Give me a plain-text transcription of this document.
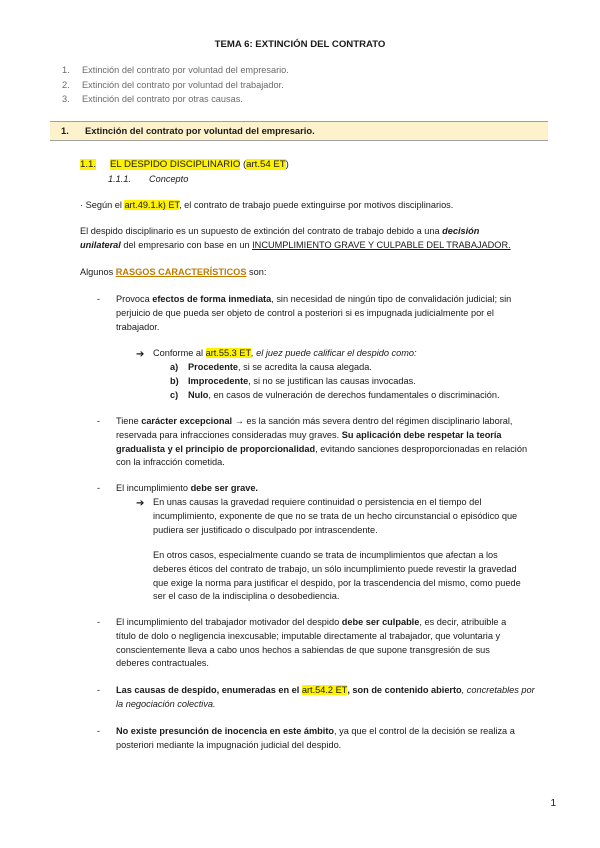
TEMA 6: EXTINCIÓN DEL CONTRATO
1. Extinción del contrato por voluntad del empresario.
2. Extinción del contrato por voluntad del trabajador.
3. Extinción del contrato por otras causas.
1. Extinción del contrato por voluntad del empresario.
1.1. EL DESPIDO DISCIPLINARIO (art.54 ET)
1.1.1. Concepto
· Según el art.49.1.k) ET, el contrato de trabajo puede extinguirse por motivos disciplinarios.
El despido disciplinario es un supuesto de extinción del contrato de trabajo debido a una decisión
unilateral del empresario con base en un INCUMPLIMIENTO GRAVE Y CULPABLE DEL TRABAJADOR.
Algunos RASGOS CARACTERÍSTICOS son:
- Provoca efectos de forma inmediata, sin necesidad de ningún tipo de convalidación judicial; sin
perjuicio de que pueda ser objeto de control a posteriori si es impugnada judicialmente por el
trabajador.
➔ Conforme al art.55.3 ET, el juez puede calificar el despido como:
a) Procedente, si se acredita la causa alegada.
b) Improcedente, si no se justifican las causas invocadas.
c) Nulo, en casos de vulneración de derechos fundamentales o discriminación.
- Tiene carácter excepcional → es la sanción más severa dentro del régimen disciplinario laboral,
reservada para infracciones consideradas muy graves. Su aplicación debe respetar la teoría
gradualista y el principio de proporcionalidad, evitando sanciones desproporcionadas en relación
con la infracción cometida.
- El incumplimiento debe ser grave.
➔ En unas causas la gravedad requiere continuidad o persistencia en el tiempo del
incumplimiento, exponente de que no se trata de un hecho circunstancial o episódico que
pudiera ser justificado o disculpado por intrascendente.
En otros casos, especialmente cuando se trata de incumplimientos que afectan a los
deberes éticos del contrato de trabajo, un sólo incumplimiento puede revestir la gravedad
que exige la norma para justificar el despido, por la trascendencia del mismo, como puede
ser el caso de la indisciplina o desobediencia.
- El incumplimiento del trabajador motivador del despido debe ser culpable, es decir, atribuible a
título de dolo o negligencia inexcusable; imputable directamente al trabajador, que voluntaria y
conscientemente lleva a cabo unos hechos a sabiendas de que supone transgresión de sus
deberes contractuales.
- Las causas de despido, enumeradas en el art.54.2 ET, son de contenido abierto, concretables por
la negociación colectiva.
- No existe presunción de inocencia en este ámbito, ya que el control de la decisión se realiza a
posteriori mediante la impugnación judicial del despido.
1
